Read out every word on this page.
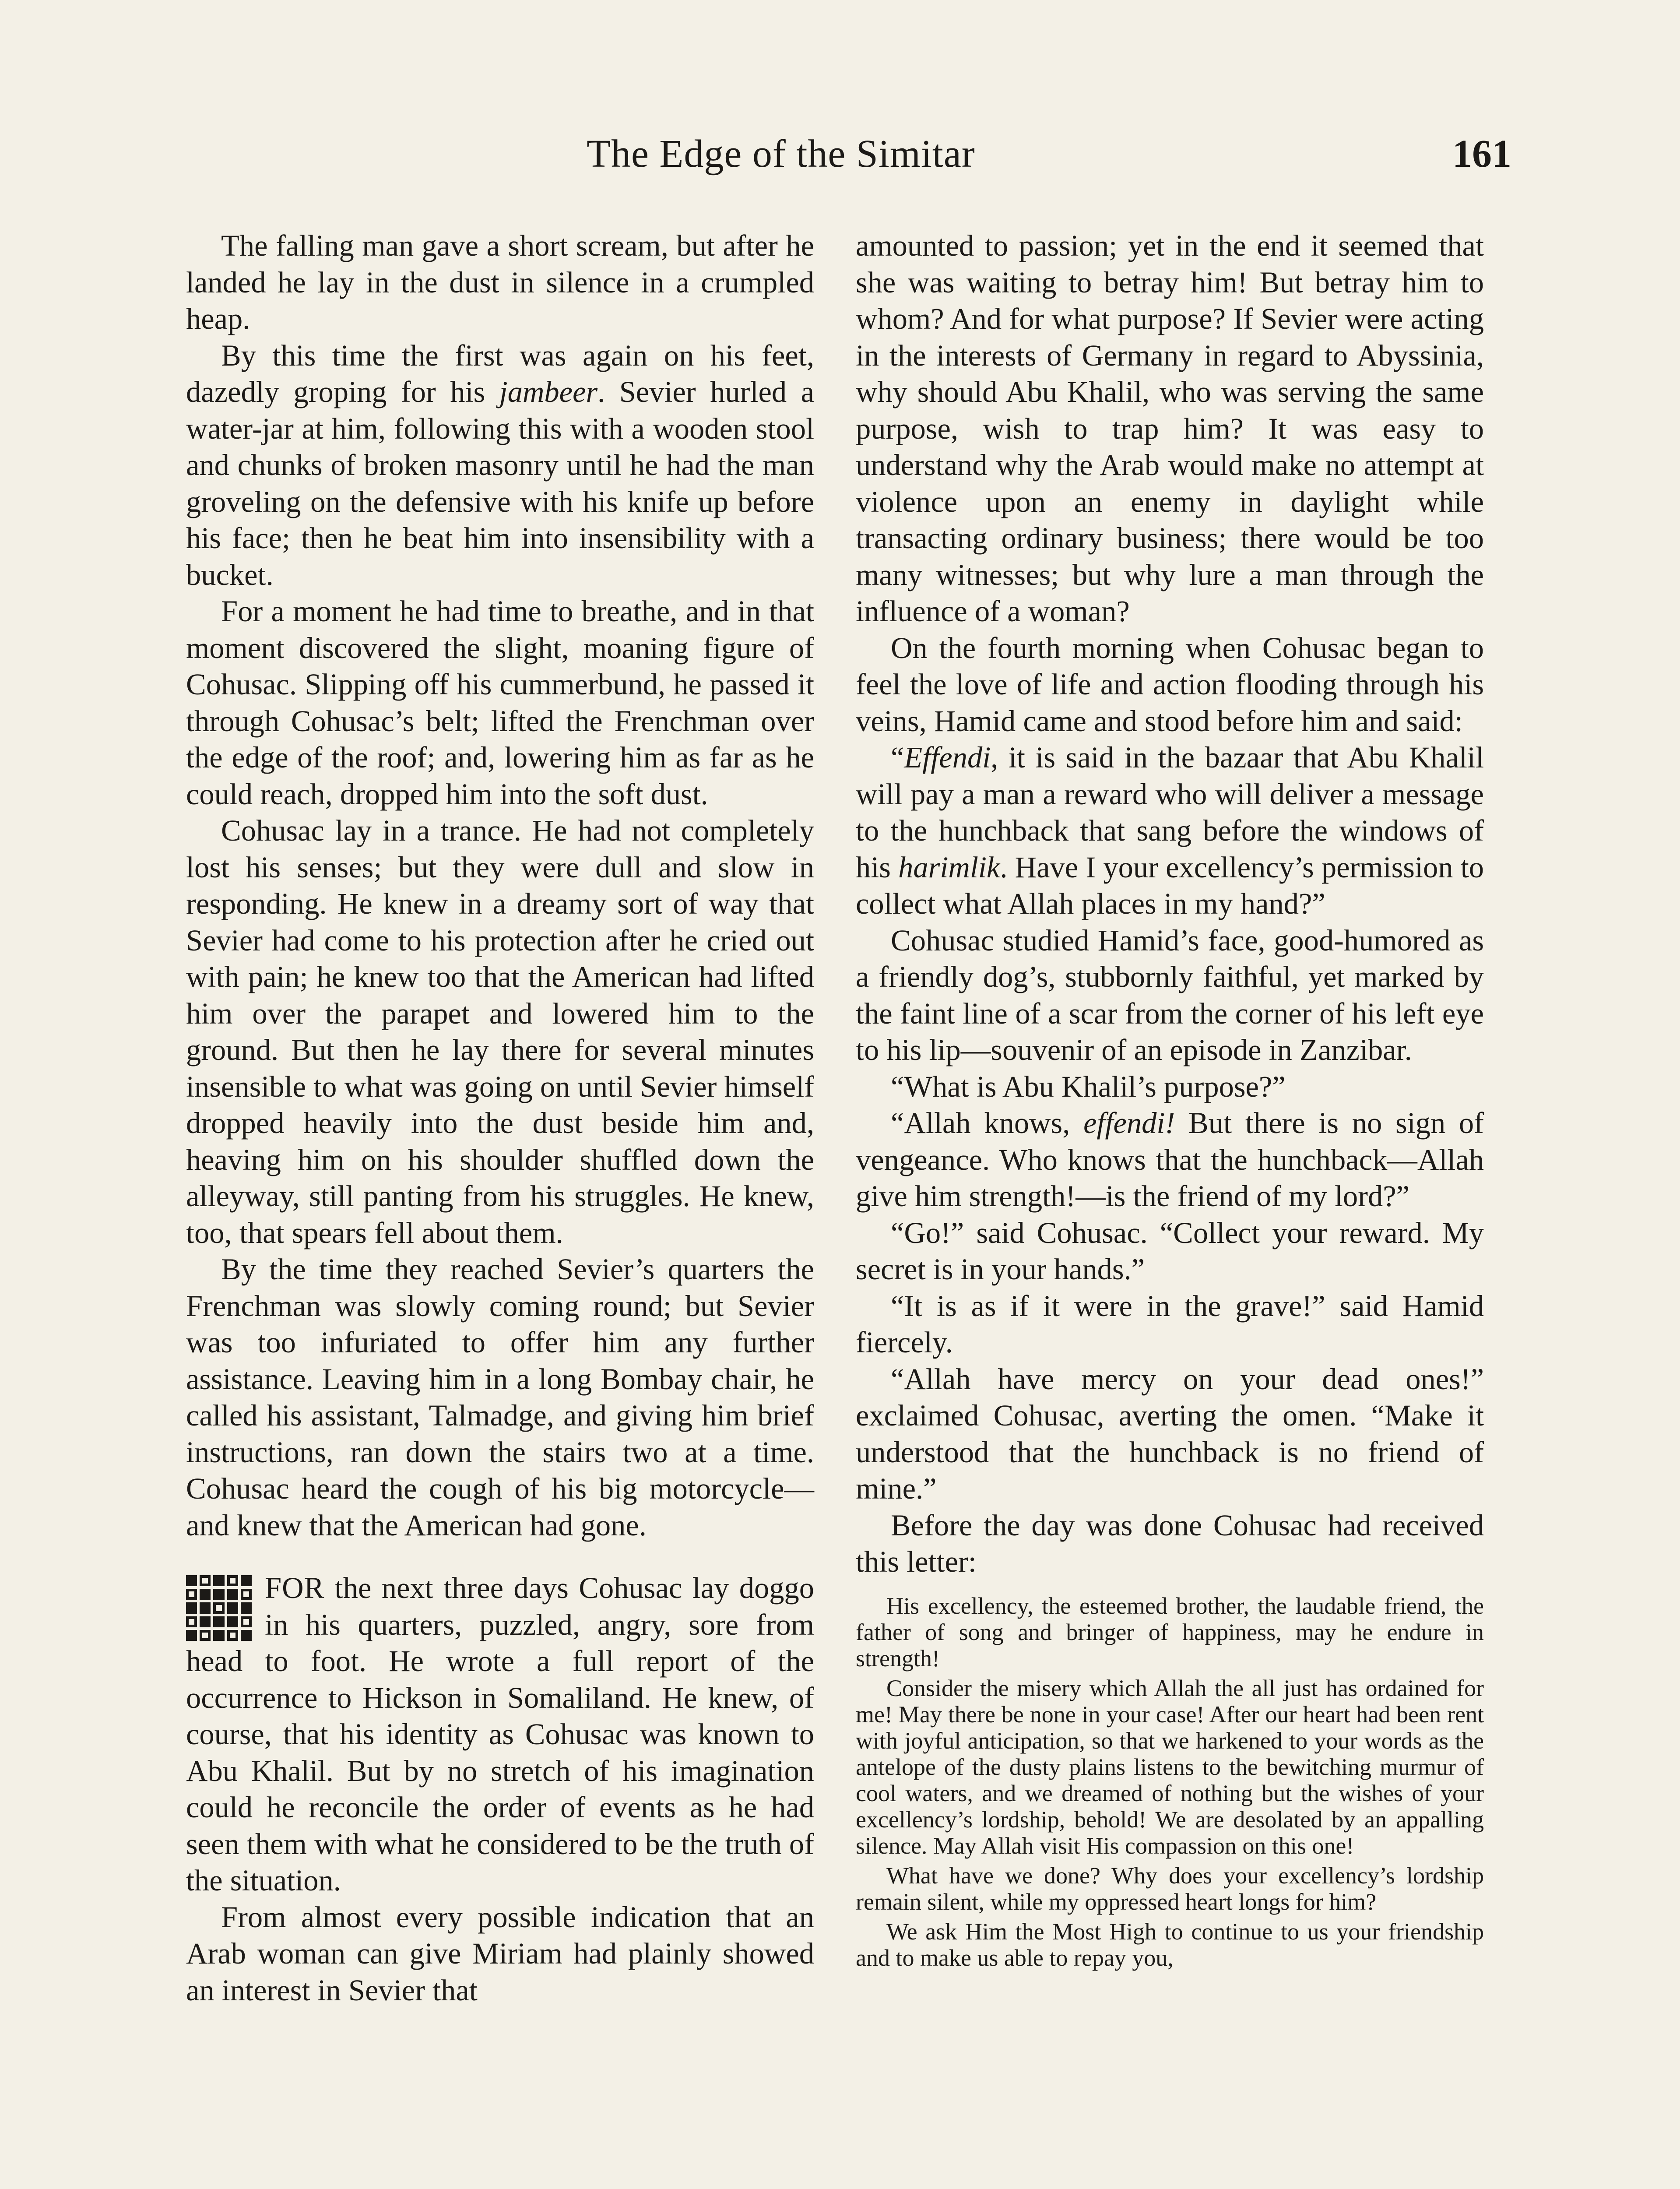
The Edge of the Simitar	161

The falling man gave a short scream, but after he landed he lay in the dust in silence in a crumpled heap.

By this time the first was again on his feet, dazedly groping for his jambeer. Sevier hurled a water-jar at him, following this with a wooden stool and chunks of broken masonry until he had the man groveling on the defensive with his knife up before his face; then he beat him into insensibility with a bucket.

For a moment he had time to breathe, and in that moment discovered the slight, moaning figure of Cohusac. Slipping off his cummerbund, he passed it through Cohusac’s belt; lifted the Frenchman over the edge of the roof; and, lowering him as far as he could reach, dropped him into the soft dust.

Cohusac lay in a trance. He had not completely lost his senses; but they were dull and slow in responding. He knew in a dreamy sort of way that Sevier had come to his protection after he cried out with pain; he knew too that the American had lifted him over the parapet and lowered him to the ground. But then he lay there for several minutes insensible to what was going on until Sevier himself dropped heavily into the dust beside him and, heaving him on his shoulder shuffled down the alleyway, still panting from his struggles. He knew, too, that spears fell about them.

By the time they reached Sevier’s quarters the Frenchman was slowly coming round; but Sevier was too infuriated to offer him any further assistance. Leaving him in a long Bombay chair, he called his assistant, Talmadge, and giving him brief instructions, ran down the stairs two at a time. Cohusac heard the cough of his big motorcycle—and knew that the American had gone.

FOR the next three days Cohusac lay doggo in his quarters, puzzled, angry, sore from head to foot. He wrote a full report of the occurrence to Hickson in Somaliland. He knew, of course, that his identity as Cohusac was known to Abu Khalil. But by no stretch of his imagination could he reconcile the order of events as he had seen them with what he considered to be the truth of the situation.

From almost every possible indication that an Arab woman can give Miriam had plainly showed an interest in Sevier that

amounted to passion; yet in the end it seemed that she was waiting to betray him! But betray him to whom? And for what purpose? If Sevier were acting in the interests of Germany in regard to Abyssinia, why should Abu Khalil, who was serving the same purpose, wish to trap him? It was easy to understand why the Arab would make no attempt at violence upon an enemy in daylight while transacting ordinary business; there would be too many witnesses; but why lure a man through the influence of a woman?

On the fourth morning when Cohusac began to feel the love of life and action flooding through his veins, Hamid came and stood before him and said:

“Effendi, it is said in the bazaar that Abu Khalil will pay a man a reward who will deliver a message to the hunchback that sang before the windows of his harimlik. Have I your excellency’s permission to collect what Allah places in my hand?”

Cohusac studied Hamid’s face, good-humored as a friendly dog’s, stubbornly faithful, yet marked by the faint line of a scar from the corner of his left eye to his lip—souvenir of an episode in Zanzibar.

“What is Abu Khalil’s purpose?”

“Allah knows, effendi! But there is no sign of vengeance. Who knows that the hunchback—Allah give him strength!—is the friend of my lord?”

“Go!” said Cohusac. “Collect your reward. My secret is in your hands.”

“It is as if it were in the grave!” said Hamid fiercely.

“Allah have mercy on your dead ones!” exclaimed Cohusac, averting the omen. “Make it understood that the hunchback is no friend of mine.”

Before the day was done Cohusac had received this letter:

His excellency, the esteemed brother, the laudable friend, the father of song and bringer of happiness, may he endure in strength!

Consider the misery which Allah the all just has ordained for me! May there be none in your case! After our heart had been rent with joyful anticipation, so that we harkened to your words as the antelope of the dusty plains listens to the bewitching murmur of cool waters, and we dreamed of nothing but the wishes of your excellency’s lordship, behold! We are desolated by an appalling silence. May Allah visit His compassion on this one!

What have we done? Why does your excellency’s lordship remain silent, while my oppressed heart longs for him?

We ask Him the Most High to continue to us your friendship and to make us able to repay you,
